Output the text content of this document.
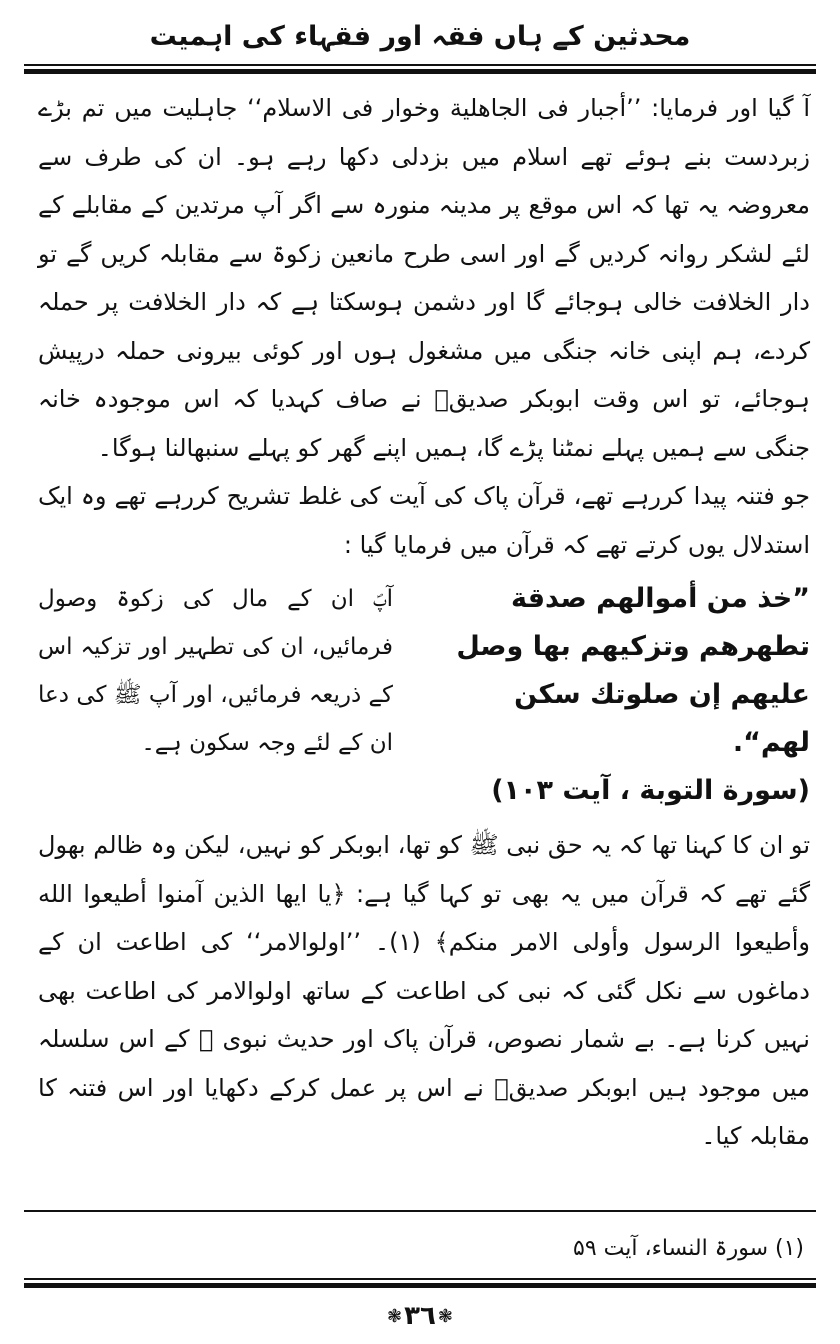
محدثین کے ہاں فقہ اور فقہاء کی اہمیت

آ گیا اور فرمایا: ’’أجبار فی الجاهلية وخوار فی الاسلام‘‘ جاہلیت میں تم بڑے زبردست بنے ہوئے تھے اسلام میں بزدلی دکھا رہے ہو۔ ان کی طرف سے معروضہ یہ تھا کہ اس موقع پر مدینہ منورہ سے اگر آپ مرتدین کے مقابلے کے لئے لشکر روانہ کردیں گے اور اسی طرح مانعین زکوۃ سے مقابلہ کریں گے تو دار الخلافت خالی ہوجائے گا اور دشمن ہوسکتا ہے کہ دار الخلافت پر حملہ کردے، ہم اپنی خانہ جنگی میں مشغول ہوں اور کوئی بیرونی حملہ درپیش ہوجائے، تو اس وقت ابوبکر صدیقؓ نے صاف کہدیا کہ اس موجودہ خانہ جنگی سے ہمیں پہلے نمٹنا پڑے گا، ہمیں اپنے گھر کو پہلے سنبھالنا ہوگا۔

جو فتنہ پیدا کررہے تھے، قرآن پاک کی آیت کی غلط تشریح کررہے تھے وہ ایک استدلال یوں کرتے تھے کہ قرآن میں فرمایا گیا :

”خذ من أموالهم صدقة تطهرهم وتزكيهم بها وصل عليهم إن صلوتك سكن لهم“.
(سورة التوبة ، آیت ۱۰۳)
آپؐ ان کے مال کی زکوۃ وصول فرمائیں، ان کی تطہیر اور تزکیہ اس کے ذریعہ فرمائیں، اور آپ ﷺ کی دعا ان کے لئے وجہ سکون ہے۔

تو ان کا کہنا تھا کہ یہ حق نبی ﷺ کو تھا، ابوبکر کو نہیں، لیکن وہ ظالم بھول گئے تھے کہ قرآن میں یہ بھی تو کہا گیا ہے: ﴿يا ايها الذين آمنوا أطيعوا الله وأطيعوا الرسول وأولى الامر منكم﴾ (۱)۔ ’’اولوالامر‘‘ کی اطاعت ان کے دماغوں سے نکل گئی کہ نبی کی اطاعت کے ساتھ اولوالامر کی اطاعت بھی نہیں کرنا ہے۔ بے شمار نصوص، قرآن پاک اور حدیث نبوی ﷺ کے اس سلسلہ میں موجود ہیں ابوبکر صدیقؓ نے اس پر عمل کرکے دکھایا اور اس فتنہ کا مقابلہ کیا۔

(۱) سورۃ النساء، آیت ۵۹
❃۳٦ ❃
